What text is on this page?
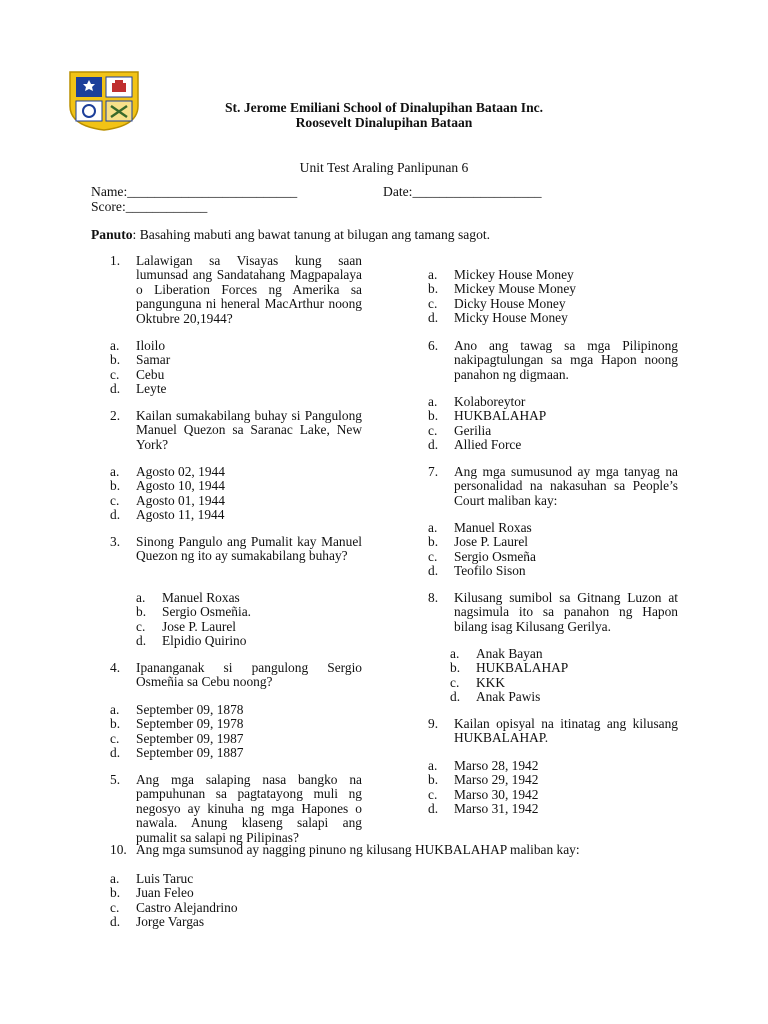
St. Jerome Emiliani School of Dinalupihan Bataan Inc.
Roosevelt Dinalupihan Bataan
Unit Test Araling Panlipunan 6
Name:_________________________	Date:___________________
Score:____________
Panuto: Basahing mabuti ang bawat tanung at bilugan ang tamang sagot.
1. Lalawigan sa Visayas kung saan lumunsad ang Sandatahang Magpapalaya o Liberation Forces ng Amerika sa pangunguna ni heneral MacArthur noong Oktubre 20,1944?
a. Iloilo
b. Samar
c. Cebu
d. Leyte
2. Kailan sumakabilang buhay si Pangulong Manuel Quezon sa Saranac Lake, New York?
a. Agosto 02, 1944
b. Agosto 10, 1944
c. Agosto 01, 1944
d. Agosto 11, 1944
3. Sinong Pangulo ang Pumalit kay Manuel Quezon ng ito ay sumakabilang buhay?
a. Manuel Roxas
b. Sergio Osmeñia.
c. Jose P. Laurel
d. Elpidio Quirino
4. Ipananganak si pangulong Sergio Osmeñia sa Cebu noong?
a. September 09, 1878
b. September 09, 1978
c. September 09, 1987
d. September 09, 1887
5. Ang mga salaping nasa bangko na pampuhunan sa pagtatayong muli ng negosyo ay kinuha ng mga Hapones o nawala. Anung klaseng salapi ang pumalit sa salapi ng Pilipinas?
a. Mickey House Money
b. Mickey Mouse Money
c. Dicky House Money
d. Micky House Money
6. Ano ang tawag sa mga Pilipinong nakipagtulungan sa mga Hapon noong panahon ng digmaan.
a. Kolaboreytor
b. HUKBALAHAP
c. Gerilia
d. Allied Force
7. Ang mga sumusunod ay mga tanyag na personalidad na nakasuhan sa People’s Court maliban kay:
a. Manuel Roxas
b. Jose P. Laurel
c. Sergio Osmeña
d. Teofilo Sison
8. Kilusang sumibol sa Gitnang Luzon at nagsimula ito sa panahon ng Hapon bilang isag Kilusang Gerilya.
a. Anak Bayan
b. HUKBALAHAP
c. KKK
d. Anak Pawis
9. Kailan opisyal na itinatag ang kilusang HUKBALAHAP.
a. Marso 28, 1942
b. Marso 29, 1942
c. Marso 30, 1942
d. Marso 31, 1942
10. Ang mga sumsunod ay nagging pinuno ng kilusang HUKBALAHAP maliban kay:
a. Luis Taruc
b. Juan Feleo
c. Castro Alejandrino
d. Jorge Vargas
